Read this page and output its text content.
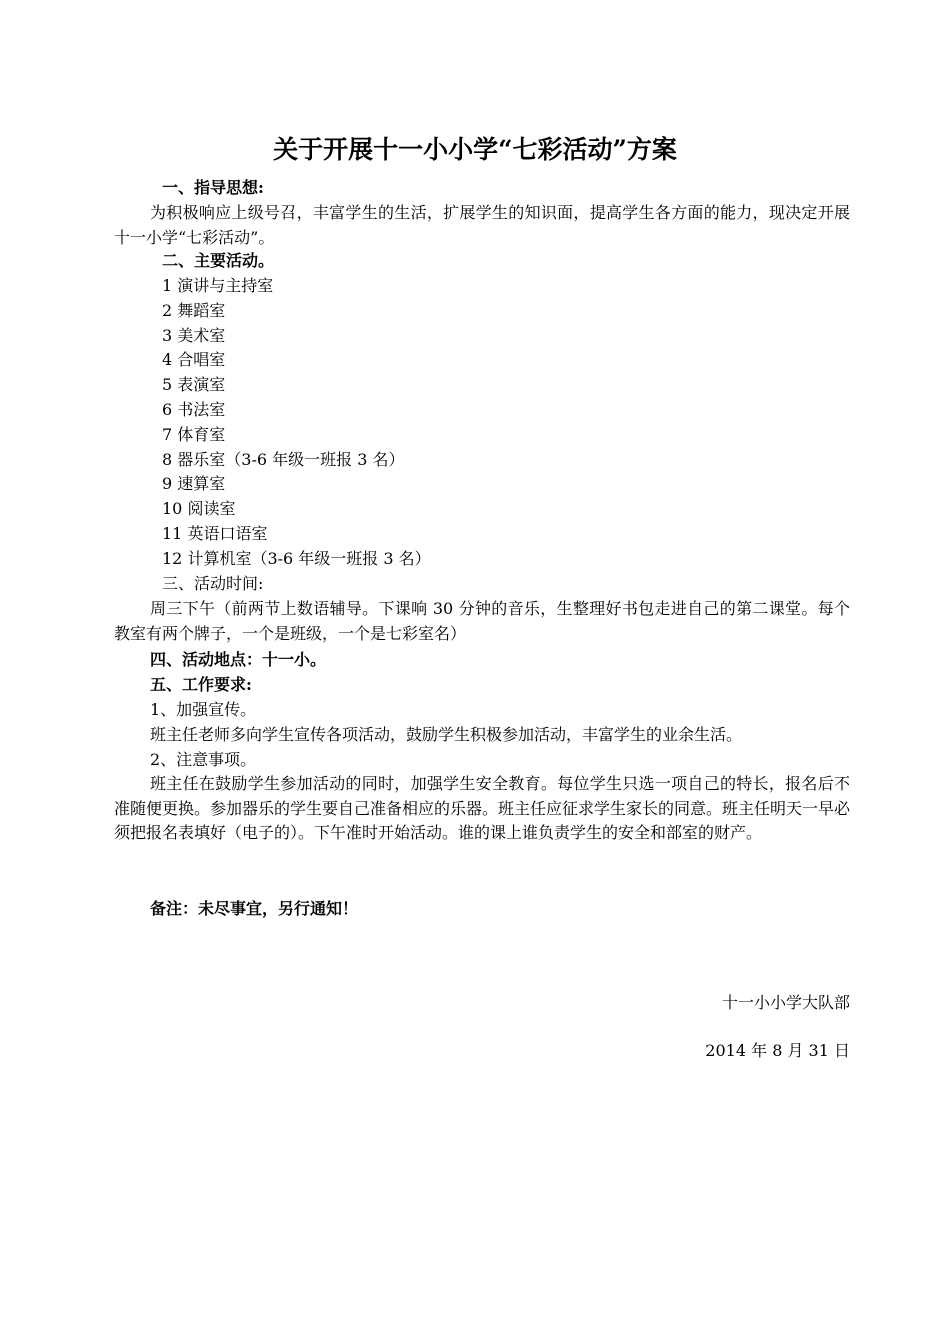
关于开展十一小小学“七彩活动”方案
一、指导思想:
为积极响应上级号召，丰富学生的生活，扩展学生的知识面，提高学生各方面的能力，现决定开展十一小学“七彩活动”。
二、主要活动。
1 演讲与主持室
2 舞蹈室
3 美术室
4 合唱室
5 表演室
6 书法室
7 体育室
8 器乐室（3-6 年级一班报 3 名）
9 速算室
10 阅读室
11 英语口语室
12 计算机室（3-6 年级一班报 3 名）
三、活动时间:
周三下午（前两节上数语辅导。下课响 30 分钟的音乐，生整理好书包走进自己的第二课堂。每个教室有两个牌子，一个是班级，一个是七彩室名）
四、活动地点：十一小。
五、工作要求:
1、加强宣传。
班主任老师多向学生宣传各项活动，鼓励学生积极参加活动，丰富学生的业余生活。
2、注意事项。
班主任在鼓励学生参加活动的同时，加强学生安全教育。每位学生只选一项自己的特长，报名后不准随便更换。参加器乐的学生要自己准备相应的乐器。班主任应征求学生家长的同意。班主任明天一早必须把报名表填好（电子的）。下午准时开始活动。谁的课上谁负责学生的安全和部室的财产。
备注：未尽事宜，另行通知！
十一小小学大队部
2014 年 8 月 31 日
